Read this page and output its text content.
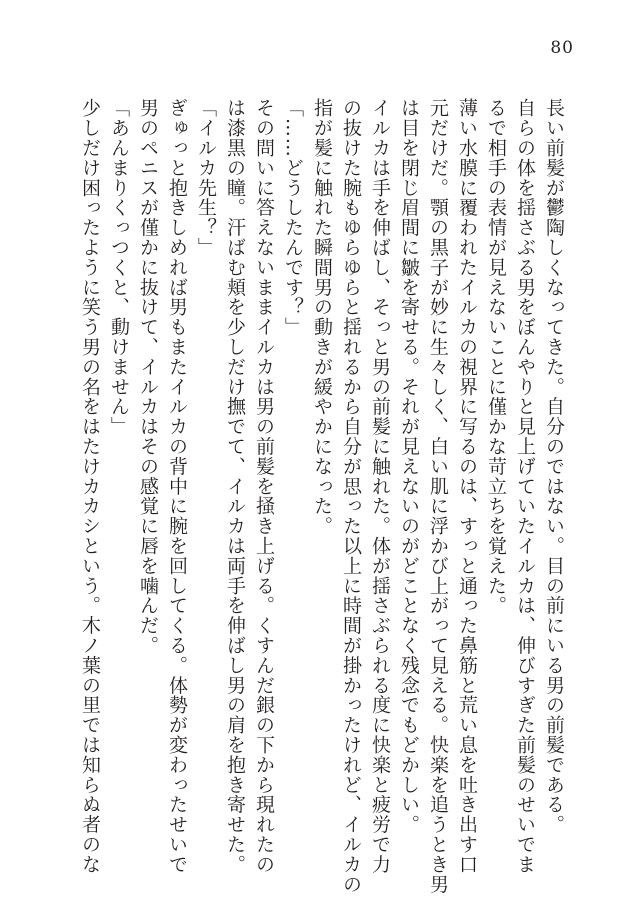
80
長い前髪が鬱陶しくなってきた。自分のではない。目の前にいる男の前髪である。
自らの体を揺さぶる男をぼんやりと見上げていたイルカは、伸びすぎた前髪のせいでま
るで相手の表情が見えないことに僅かな苛立ちを覚えた。
薄い水膜に覆われたイルカの視界に写るのは、すっと通った鼻筋と荒い息を吐き出す口
元だけだ。顎の黒子が妙に生々しく、白い肌に浮かび上がって見える。快楽を追うとき男
は目を閉じ眉間に皺を寄せる。それが見えないのがどことなく残念でもどかしい。
イルカは手を伸ばし、そっと男の前髪に触れた。体が揺さぶられる度に快楽と疲労で力
の抜けた腕もゆらゆらと揺れるから自分が思った以上に時間が掛かったけれど、イルカの
指が髪に触れた瞬間男の動きが緩やかになった。
「……どうしたんです？」
その問いに答えないままイルカは男の前髪を掻き上げる。くすんだ銀の下から現れたの
は漆黒の瞳。汗ばむ頬を少しだけ撫でて、イルカは両手を伸ばし男の肩を抱き寄せた。
「イルカ先生？」
ぎゅっと抱きしめれば男もまたイルカの背中に腕を回してくる。体勢が変わったせいで
男のペニスが僅かに抜けて、イルカはその感覚に唇を噛んだ。
「あんまりくっつくと、動けません」
少しだけ困ったように笑う男の名をはたけカカシという。木ノ葉の里では知らぬ者のな
